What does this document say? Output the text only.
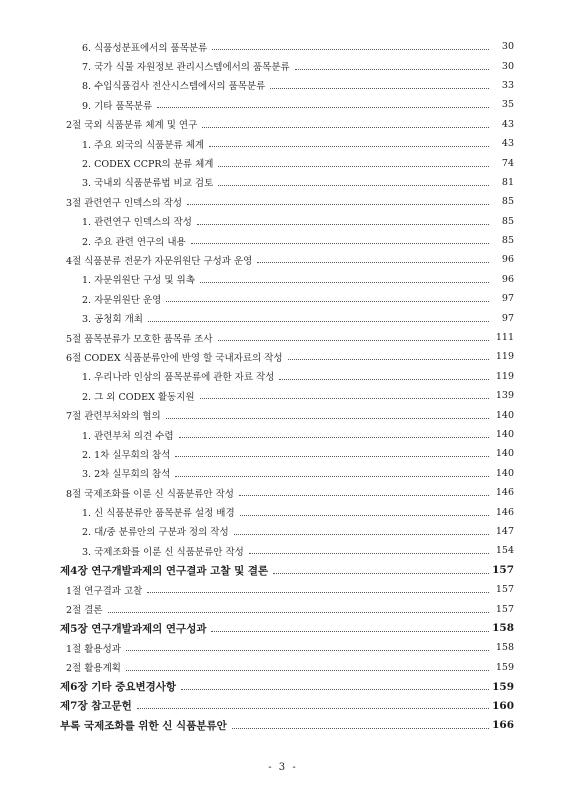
6. 식품성분표에서의 품목분류	30
7. 국가 식물 자원정보 관리시스템에서의 품목분류	30
8. 수입식품검사 전산시스템에서의 품목분류	33
9. 기타 품목분류	35
2절 국외 식품분류 체계 및 연구	43
1. 주요 외국의 식품분류 체계	43
2. CODEX CCPR의 분류 체계	74
3. 국내외 식품분류법 비교 검토	81
3절 관련연구 인덱스의 작성	85
1. 관련연구 인덱스의 작성	85
2. 주요 관련 연구의 내용	85
4절 식품분류 전문가 자문위원단 구성과 운영	96
1. 자문위원단 구성 및 위촉	96
2. 자문위원단 운영	97
3. 공청회 개최	97
5절 품목분류가 모호한 품목류 조사	111
6절 CODEX 식품분류안에 반영 할 국내자료의 작성	119
1. 우리나라 인삼의 품목분류에 관한 자료 작성	119
2. 그 외 CODEX 활동지원	139
7절 관련부처와의 협의	140
1. 관련부처 의견 수렴	140
2. 1차 실무회의 참석	140
3. 2차 실무회의 참석	140
8절 국제조화를 이룬 신 식품분류안 작성	146
1. 신 식품분류안 품목분류 설정 배경	146
2. 대/중 분류안의 구분과 정의 작성	147
3. 국제조화를 이룬 신 식품분류안 작성	154
제4장 연구개발과제의 연구결과 고찰 및 결론	157
1절 연구결과 고찰	157
2절 결론	157
제5장 연구개발과제의 연구성과	158
1절 활용성과	158
2절 활용계획	159
제6장 기타 중요변경사항	159
제7장 참고문헌	160
부록 국제조화를 위한 신 식품분류안	166
- 3 -
